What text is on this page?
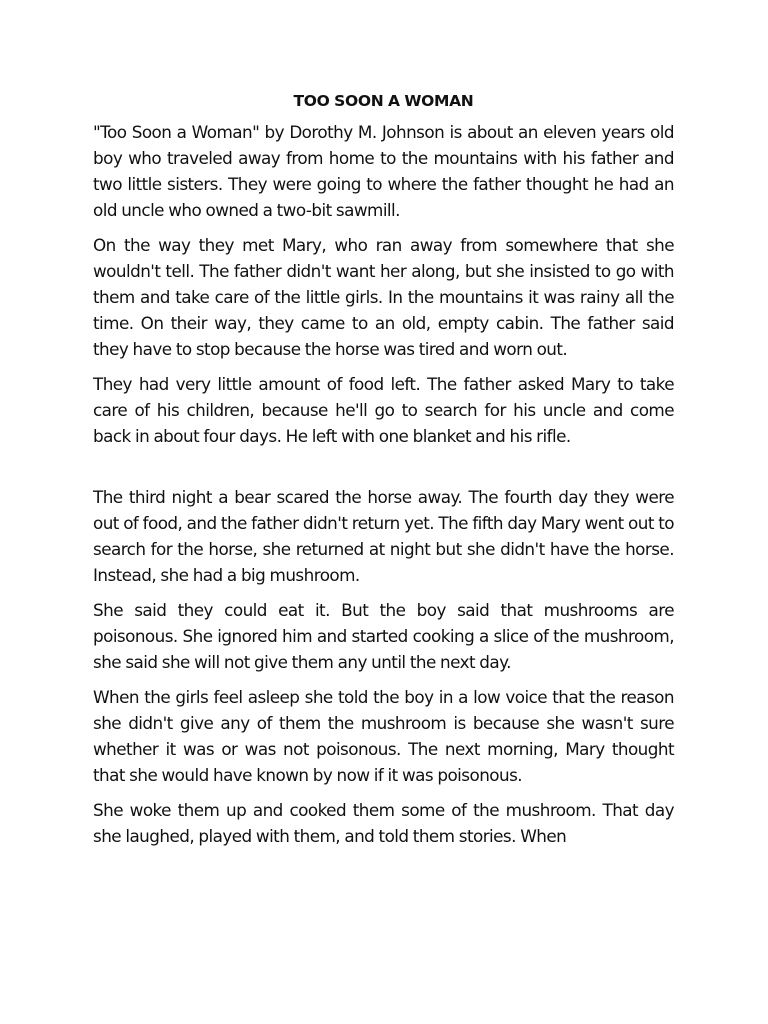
TOO SOON A WOMAN

"Too Soon a Woman" by Dorothy M. Johnson is about an eleven years old boy who traveled away from home to the mountains with his father and two little sisters. They were going to where the father thought he had an old uncle who owned a two-bit sawmill.

On the way they met Mary, who ran away from somewhere that she wouldn't tell. The father didn't want her along, but she insisted to go with them and take care of the little girls. In the mountains it was rainy all the time. On their way, they came to an old, empty cabin. The father said they have to stop because the horse was tired and worn out.

They had very little amount of food left. The father asked Mary to take care of his children, because he'll go to search for his uncle and come back in about four days. He left with one blanket and his rifle.

The third night a bear scared the horse away. The fourth day they were out of food, and the father didn't return yet. The fifth day Mary went out to search for the horse, she returned at night but she didn't have the horse. Instead, she had a big mushroom.

She said they could eat it. But the boy said that mushrooms are poisonous. She ignored him and started cooking a slice of the mushroom, she said she will not give them any until the next day.

When the girls feel asleep she told the boy in a low voice that the reason she didn't give any of them the mushroom is because she wasn't sure whether it was or was not poisonous. The next morning, Mary thought that she would have known by now if it was poisonous.

She woke them up and cooked them some of the mushroom. That day she laughed, played with them, and told them stories. When
